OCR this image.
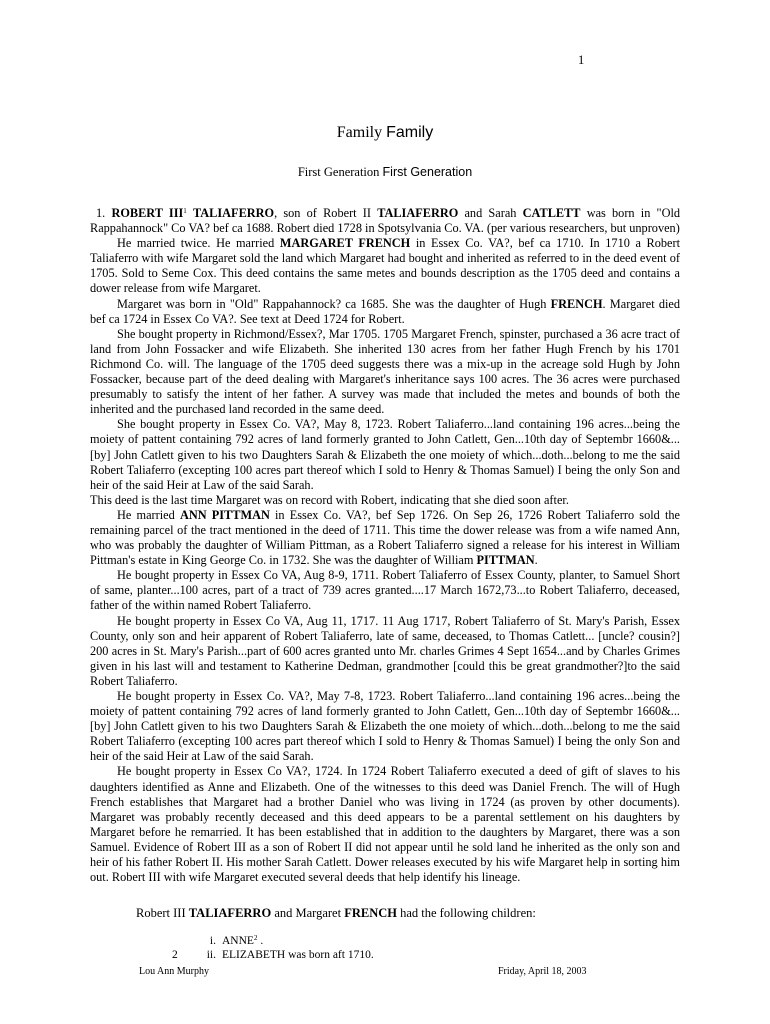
1
Family Family
First Generation First Generation

1. ROBERT III$^1$ TALIAFERRO, son of Robert II TALIAFERRO and Sarah CATLETT was born in "Old Rappahannock" Co VA? bef ca 1688. Robert died 1728 in Spotsylvania Co. VA. (per various researchers, but unproven)

He married twice. He married MARGARET FRENCH in Essex Co. VA?, bef ca 1710. In 1710 a Robert Taliaferro with wife Margaret sold the land which Margaret had bought and inherited as referred to in the deed event of 1705. Sold to Seme Cox. This deed contains the same metes and bounds description as the 1705 deed and contains a dower release from wife Margaret.

Margaret was born in "Old" Rappahannock? ca 1685. She was the daughter of Hugh FRENCH. Margaret died bef ca 1724 in Essex Co VA?. See text at Deed 1724 for Robert.

She bought property in Richmond/Essex?, Mar 1705. 1705 Margaret French, spinster, purchased a 36 acre tract of land from John Fossacker and wife Elizabeth. She inherited 130 acres from her father Hugh French by his 1701 Richmond Co. will. The language of the 1705 deed suggests there was a mix-up in the acreage sold Hugh by John Fossacker, because part of the deed dealing with Margaret's inheritance says 100 acres. The 36 acres were purchased presumably to satisfy the intent of her father. A survey was made that included the metes and bounds of both the inherited and the purchased land recorded in the same deed.

She bought property in Essex Co. VA?, May 8, 1723. Robert Taliaferro...land containing 196 acres...being the moiety of pattent containing 792 acres of land formerly granted to John Catlett, Gen...10th day of Septembr 1660&...[by] John Catlett given to his two Daughters Sarah & Elizabeth the one moiety of which...doth...belong to me the said Robert Taliaferro (excepting 100 acres part thereof which I sold to Henry & Thomas Samuel) I being the only Son and heir of the said Heir at Law of the said Sarah.

This deed is the last time Margaret was on record with Robert, indicating that she died soon after.

He married ANN PITTMAN in Essex Co. VA?, bef Sep 1726. On Sep 26, 1726 Robert Taliaferro sold the remaining parcel of the tract mentioned in the deed of 1711. This time the dower release was from a wife named Ann, who was probably the daughter of William Pittman, as a Robert Taliaferro signed a release for his interest in William Pittman's estate in King George Co. in 1732. She was the daughter of William PITTMAN.

He bought property in Essex Co VA, Aug 8-9, 1711. Robert Taliaferro of Essex County, planter, to Samuel Short of same, planter...100 acres, part of a tract of 739 acres granted....17 March 1672,73...to Robert Taliaferro, deceased, father of the within named Robert Taliaferro.

He bought property in Essex Co VA, Aug 11, 1717. 11 Aug 1717, Robert Taliaferro of St. Mary's Parish, Essex County, only son and heir apparent of Robert Taliaferro, late of same, deceased, to Thomas Catlett... [uncle? cousin?] 200 acres in St. Mary's Parish...part of 600 acres granted unto Mr. charles Grimes 4 Sept 1654...and by Charles Grimes given in his last will and testament to Katherine Dedman, grandmother [could this be great grandmother?]to the said Robert Taliaferro.

He bought property in Essex Co. VA?, May 7-8, 1723. Robert Taliaferro...land containing 196 acres...being the moiety of pattent containing 792 acres of land formerly granted to John Catlett, Gen...10th day of Septembr 1660&...[by] John Catlett given to his two Daughters Sarah & Elizabeth the one moiety of which...doth...belong to me the said Robert Taliaferro (excepting 100 acres part thereof which I sold to Henry & Thomas Samuel) I being the only Son and heir of the said Heir at Law of the said Sarah.

He bought property in Essex Co VA?, 1724. In 1724 Robert Taliaferro executed a deed of gift of slaves to his daughters identified as Anne and Elizabeth. One of the witnesses to this deed was Daniel French. The will of Hugh French establishes that Margaret had a brother Daniel who was living in 1724 (as proven by other documents). Margaret was probably recently deceased and this deed appears to be a parental settlement on his daughters by Margaret before he remarried. It has been established that in addition to the daughters by Margaret, there was a son Samuel. Evidence of Robert III as a son of Robert II did not appear until he sold land he inherited as the only son and heir of his father Robert II. His mother Sarah Catlett. Dower releases executed by his wife Margaret help in sorting him out. Robert III with wife Margaret executed several deeds that help identify his lineage.

Robert III TALIAFERRO and Margaret FRENCH had the following children:
i. ANNE$^2$ .
2	ii. ELIZABETH was born aft 1710.
Lou Ann Murphy	Friday, April 18, 2003
